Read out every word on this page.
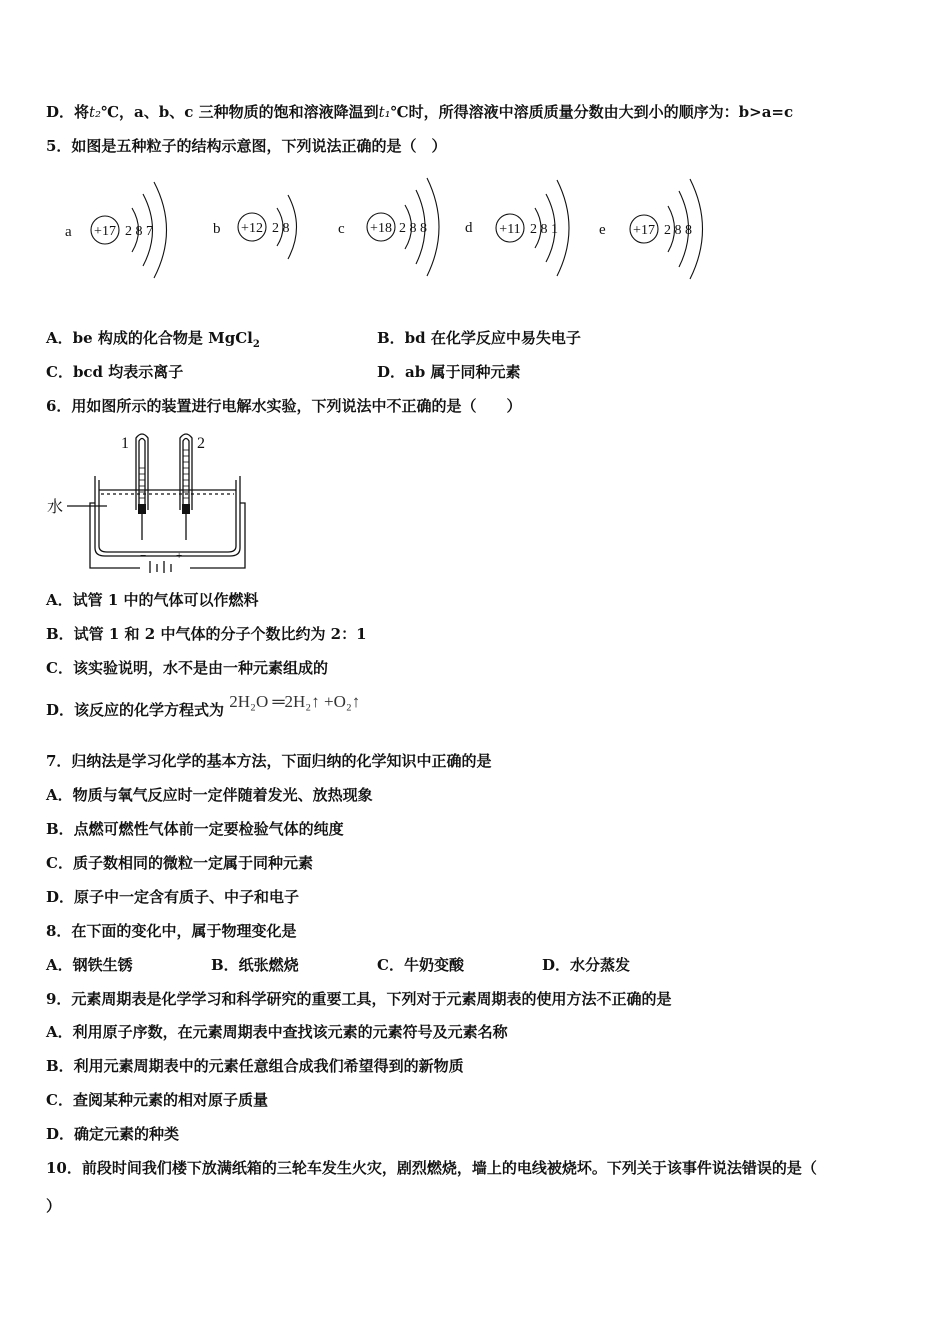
D．将t₂℃，a、b、c 三种物质的饱和溶液降温到t₁℃时，所得溶液中溶质质量分数由大到小的顺序为：b>a=c
5．如图是五种粒子的结构示意图，下列说法正确的是（　）
a +17 2 8 7	b +12 2 8	c +18 2 8 8	d +11 2 8 1	e +17 2 8 8
A．be 构成的化合物是 MgCl$_2$	B．bd 在化学反应中易失电子
C．bcd 均表示离子	D．ab 属于同种元素
6．用如图所示的装置进行电解水实验，下列说法中不正确的是（　　）
1	2
水
−	+
A．试管 1 中的气体可以作燃料
B．试管 1 和 2 中气体的分子个数比约为 2：1
C．该实验说明，水不是由一种元素组成的
D．该反应的化学方程式为 2H₂O ═2H₂↑ +O₂↑
7．归纳法是学习化学的基本方法，下面归纳的化学知识中正确的是
A．物质与氧气反应时一定伴随着发光、放热现象
B．点燃可燃性气体前一定要检验气体的纯度
C．质子数相同的微粒一定属于同种元素
D．原子中一定含有质子、中子和电子
8．在下面的变化中，属于物理变化是
A．钢铁生锈	B．纸张燃烧	C．牛奶变酸	D．水分蒸发
9．元素周期表是化学学习和科学研究的重要工具，下列对于元素周期表的使用方法不正确的是
A．利用原子序数，在元素周期表中查找该元素的元素符号及元素名称
B．利用元素周期表中的元素任意组合成我们希望得到的新物质
C．查阅某种元素的相对原子质量
D．确定元素的种类
10．前段时间我们楼下放满纸箱的三轮车发生火灾，剧烈燃烧，墙上的电线被烧坏。下列关于该事件说法错误的是（
）
